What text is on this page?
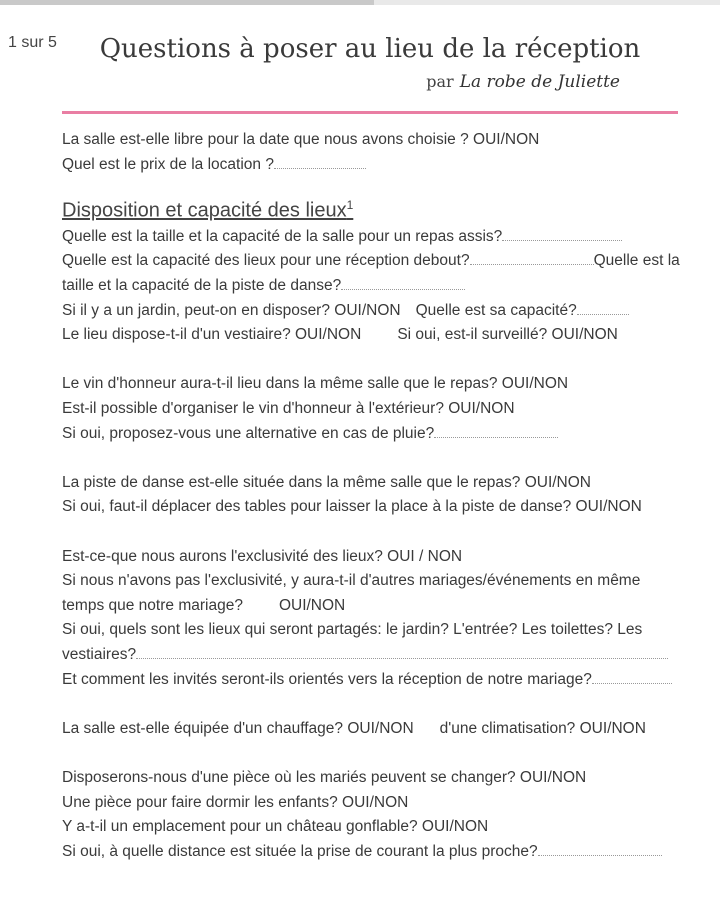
1 sur 5	Questions à poser au lieu de la réception
par La robe de Juliette
La salle est-elle libre pour la date que nous avons choisie ? OUI/NON
Quel est le prix de la location ?
Disposition et capacité des lieux$^1$
Quelle est la taille et la capacité de la salle pour un repas assis?
Quelle est la capacité des lieux pour une réception debout?	Quelle est la
taille et la capacité de la piste de danse?
Si il y a un jardin, peut-on en disposer? OUI/NON Quelle est sa capacité?
Le lieu dispose-t-il d'un vestiaire? OUI/NON Si oui, est-il surveillé? OUI/NON
Le vin d'honneur aura-t-il lieu dans la même salle que le repas? OUI/NON
Est-il possible d'organiser le vin d'honneur à l'extérieur? OUI/NON
Si oui, proposez-vous une alternative en cas de pluie?
La piste de danse est-elle située dans la même salle que le repas? OUI/NON
Si oui, faut-il déplacer des tables pour laisser la place à la piste de danse? OUI/NON
Est-ce-que nous aurons l'exclusivité des lieux? OUI / NON
Si nous n'avons pas l'exclusivité, y aura-t-il d'autres mariages/événements en même
temps que notre mariage? OUI/NON
Si oui, quels sont les lieux qui seront partagés: le jardin? L'entrée? Les toilettes? Les
vestiaires?
Et comment les invités seront-ils orientés vers la réception de notre mariage?
La salle est-elle équipée d'un chauffage? OUI/NON d'une climatisation? OUI/NON
Disposerons-nous d'une pièce où les mariés peuvent se changer? OUI/NON
Une pièce pour faire dormir les enfants? OUI/NON
Y a-t-il un emplacement pour un château gonflable? OUI/NON
Si oui, à quelle distance est située la prise de courant la plus proche?
